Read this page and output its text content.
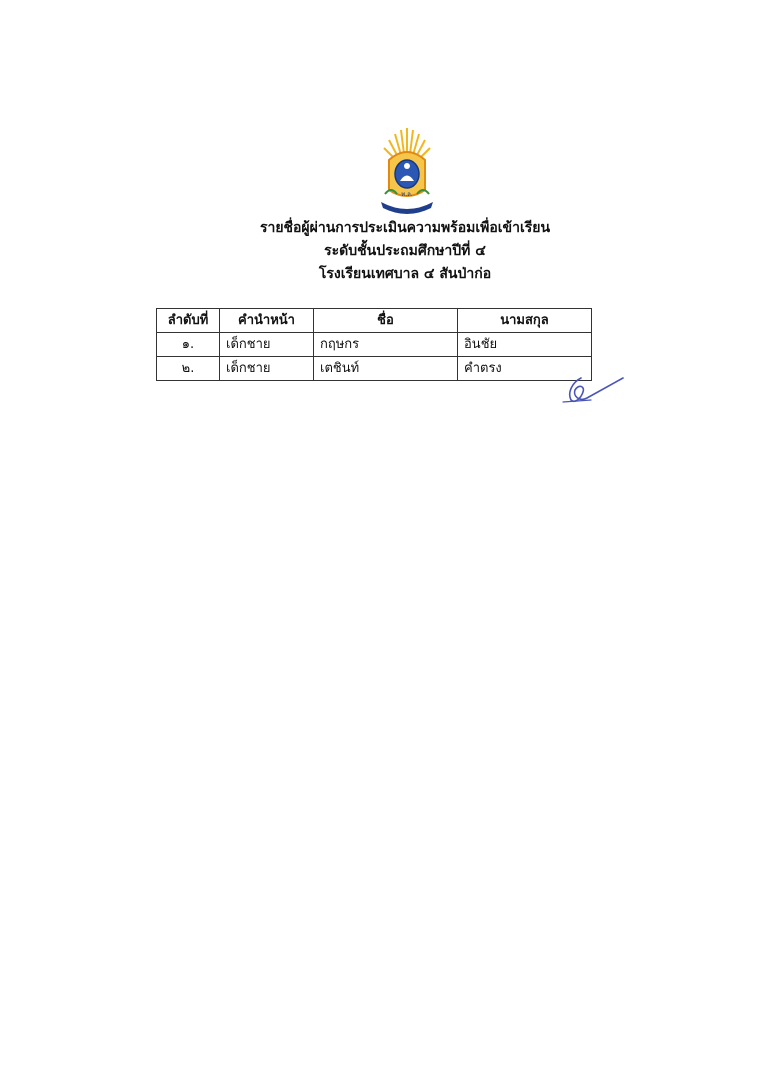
ท.ล.
รายชื่อผู้ผ่านการประเมินความพร้อมเพื่อเข้าเรียน
ระดับชั้นประถมศึกษาปีที่ ๔
โรงเรียนเทศบาล ๔ สันป่าก่อ
ลำดับที่	คำนำหน้า	ชื่อ	นามสกุล
๑.	เด็กชาย	กฤษกร	อินชัย
๒.	เด็กชาย	เตชินท์	คำตรง
